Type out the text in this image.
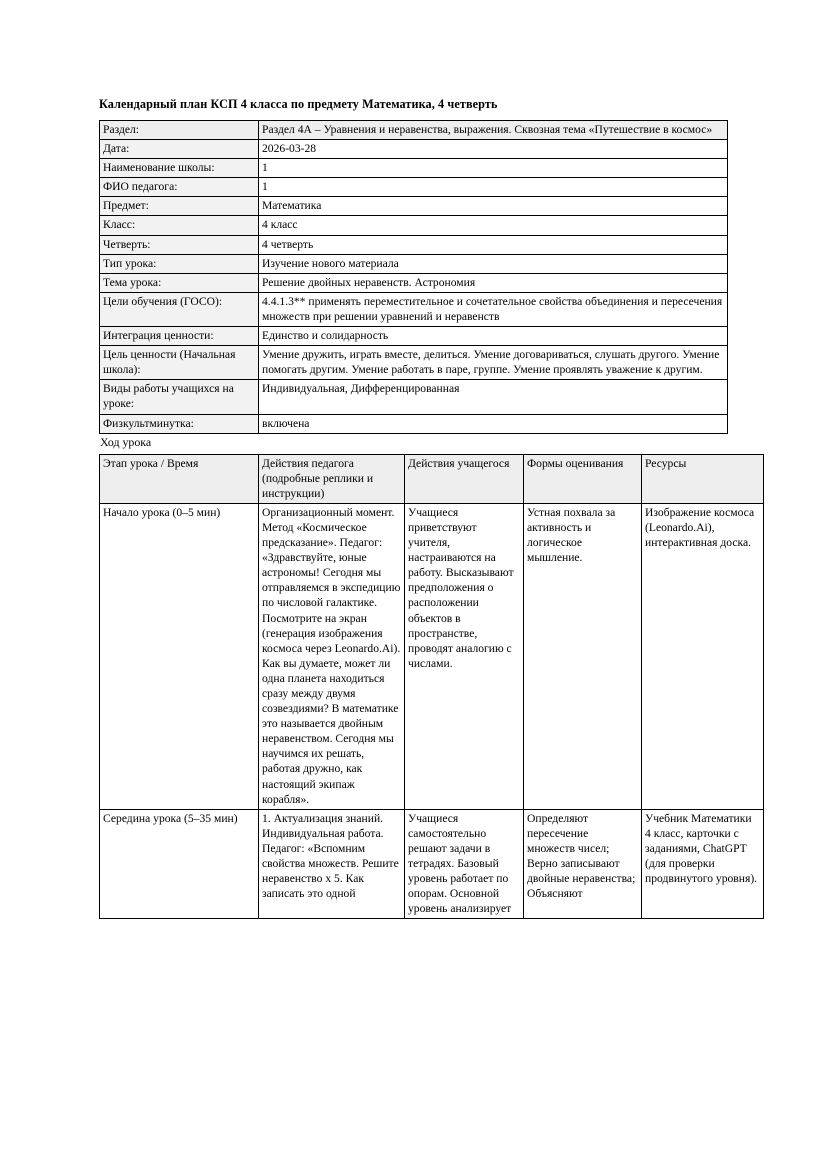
Календарный план КСП 4 класса по предмету Математика, 4 четверть
Раздел:	Раздел 4А – Уравнения и неравенства, выражения. Сквозная тема «Путешествие в космос»
Дата:	2026-03-28
Наименование школы:	1
ФИО педагога:	1
Предмет:	Математика
Класс:	4 класс
Четверть:	4 четверть
Тип урока:	Изучение нового материала
Тема урока:	Решение двойных неравенств. Астрономия
Цели обучения (ГОСО):	4.4.1.3** применять переместительное и сочетательное свойства объединения и пересечения множеств при решении уравнений и неравенств
Интеграция ценности:	Единство и солидарность
Цель ценности (Начальная школа):	Умение дружить, играть вместе, делиться. Умение договариваться, слушать другого. Умение помогать другим. Умение работать в паре, группе. Умение проявлять уважение к другим.
Виды работы учащихся на уроке:	Индивидуальная, Дифференцированная
Физкультминутка:	включена
Ход урока
Этап урока / Время	Действия педагога (подробные реплики и инструкции)	Действия учащегося	Формы оценивания	Ресурсы
Начало урока (0–5 мин)	Организационный момент. Метод «Космическое предсказание». Педагог: «Здравствуйте, юные астрономы! Сегодня мы отправляемся в экспедицию по числовой галактике. Посмотрите на экран (генерация изображения космоса через Leonardo.Ai). Как вы думаете, может ли одна планета находиться сразу между двумя созвездиями? В математике это называется двойным неравенством. Сегодня мы научимся их решать, работая дружно, как настоящий экипаж корабля».	Учащиеся приветствуют учителя, настраиваются на работу. Высказывают предположения о расположении объектов в пространстве, проводят аналогию с числами.	Устная похвала за активность и логическое мышление.	Изображение космоса (Leonardo.Ai), интерактивная доска.
Середина урока (5–35 мин)	1. Актуализация знаний. Индивидуальная работа. Педагог: «Вспомним свойства множеств. Решите неравенство х 5. Как записать это одной	Учащиеся самостоятельно решают задачи в тетрадях. Базовый уровень работает по опорам. Основной уровень анализирует	Определяют пересечение множеств чисел; Верно записывают двойные неравенства; Объясняют	Учебник Математики 4 класс, карточки с заданиями, ChatGPT (для проверки продвинутого уровня).
